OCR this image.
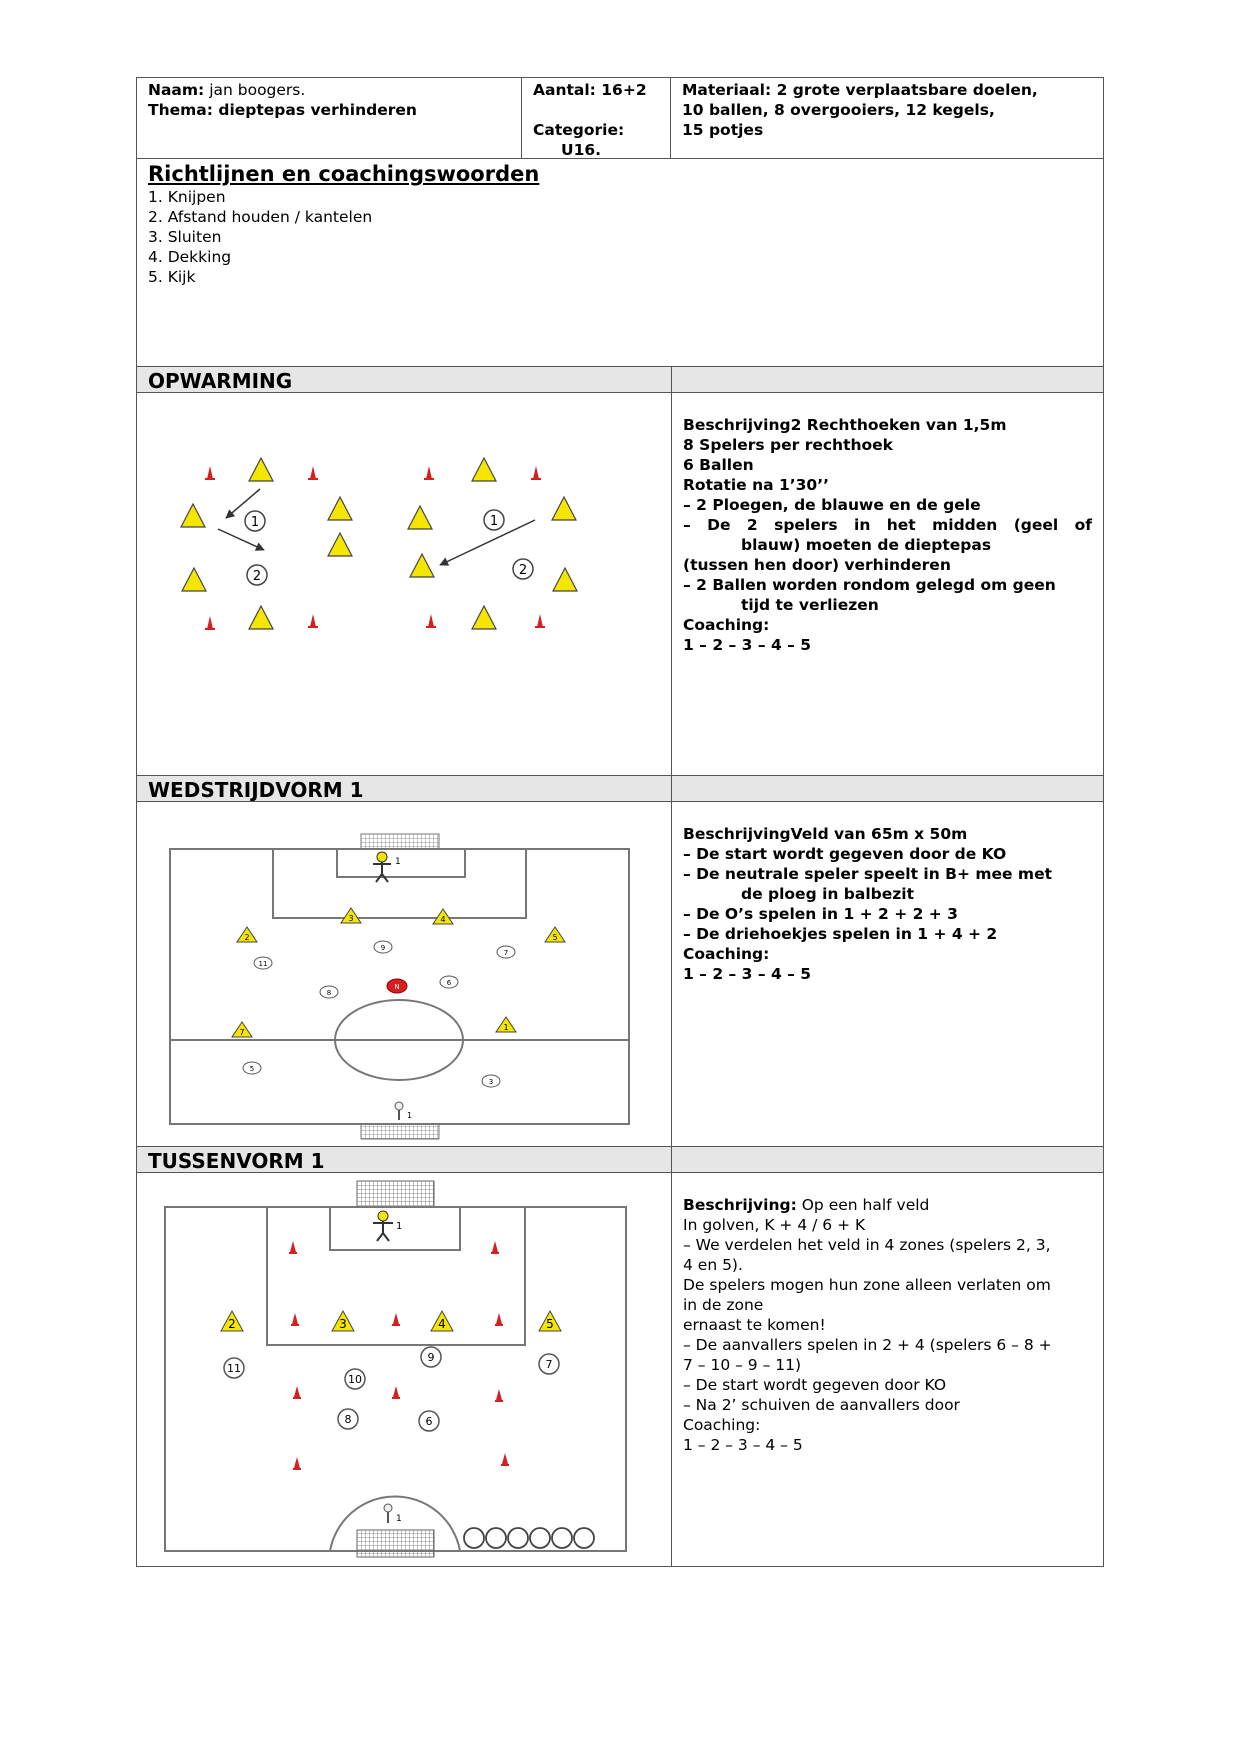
Naam: jan boogers.
Thema: dieptepas verhinderen
Aantal: 16+2
Categorie:
U16.
Materiaal: 2 grote verplaatsbare doelen,
10 ballen, 8 overgooiers, 12 kegels,
15 potjes
Richtlijnen en coachingswoorden
1. Knijpen
2. Afstand houden / kantelen
3. Sluiten
4. Dekking
5. Kijk
OPWARMING
1
2
1
2

Beschrijving2 Rechthoeken van 1,5m

8 Spelers per rechthoek

6 Ballen

Rotatie na 1’30’’

– 2 Ploegen, de blauwe en de gele

– De 2 spelers in het midden (geel of

blauw) moeten de dieptepas

(tussen hen door) verhinderen

– 2 Ballen worden rondom gelegd om geen

tijd te verliezen

Coaching:

1 – 2 – 3 – 4 – 5

WEDSTRIJDVORM 1
1
1
2
3	4
5
7
1
9
11
7
8
6
5
3
N

BeschrijvingVeld van 65m x 50m

– De start wordt gegeven door de KO

– De neutrale speler speelt in B+ mee met

de ploeg in balbezit

– De O’s spelen in 1 + 2 + 2 + 3

– De driehoekjes spelen in 1 + 4 + 2

Coaching:

1 – 2 – 3 – 4 – 5

TUSSENVORM 1
1
1
2	3	4	5
11
10
9
7
8	6

Beschrijving: Op een half veld

In golven, K + 4 / 6 + K

– We verdelen het veld in 4 zones (spelers 2, 3,

4 en 5).

De spelers mogen hun zone alleen verlaten om

in de zone

ernaast te komen!

– De aanvallers spelen in 2 + 4 (spelers 6 – 8 +

7 – 10 – 9 – 11)

– De start wordt gegeven door KO

– Na 2’ schuiven de aanvallers door

Coaching:

1 – 2 – 3 – 4 – 5
